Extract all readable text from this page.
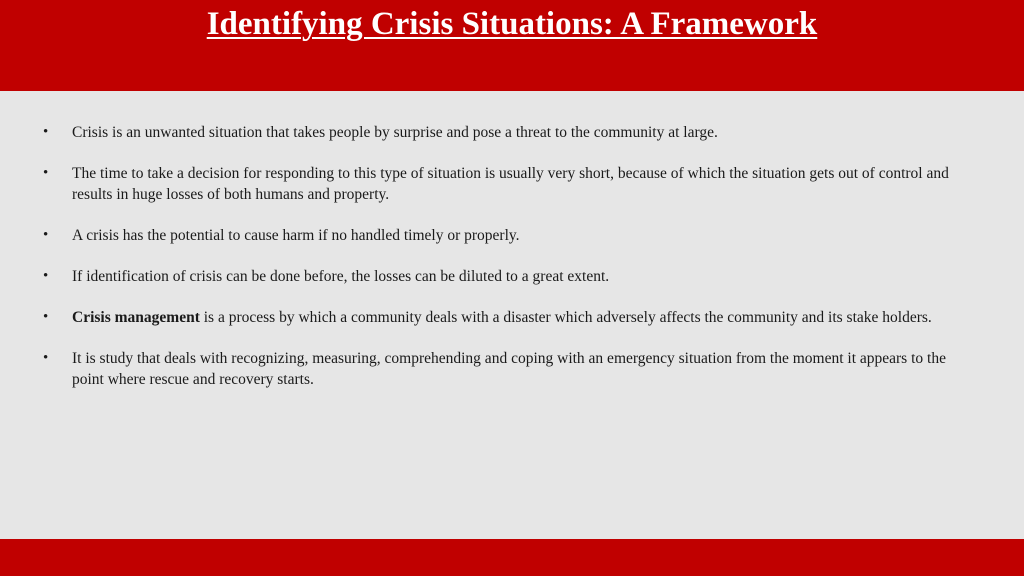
Identifying Crisis Situations: A Framework
• Crisis is an unwanted situation that takes people by surprise and pose a threat to the community at large.
• The time to take a decision for responding to this type of situation is usually very short, because of which the situation gets out of control and results in huge losses of both humans and property.
• A crisis has the potential to cause harm if no handled timely or properly.
• If identification of crisis can be done before, the losses can be diluted to a great extent.
• Crisis management is a process by which a community deals with a disaster which adversely affects the community and its stake holders.
• It is study that deals with recognizing, measuring, comprehending and coping with an emergency situation from the moment it appears to the point where rescue and recovery starts.
